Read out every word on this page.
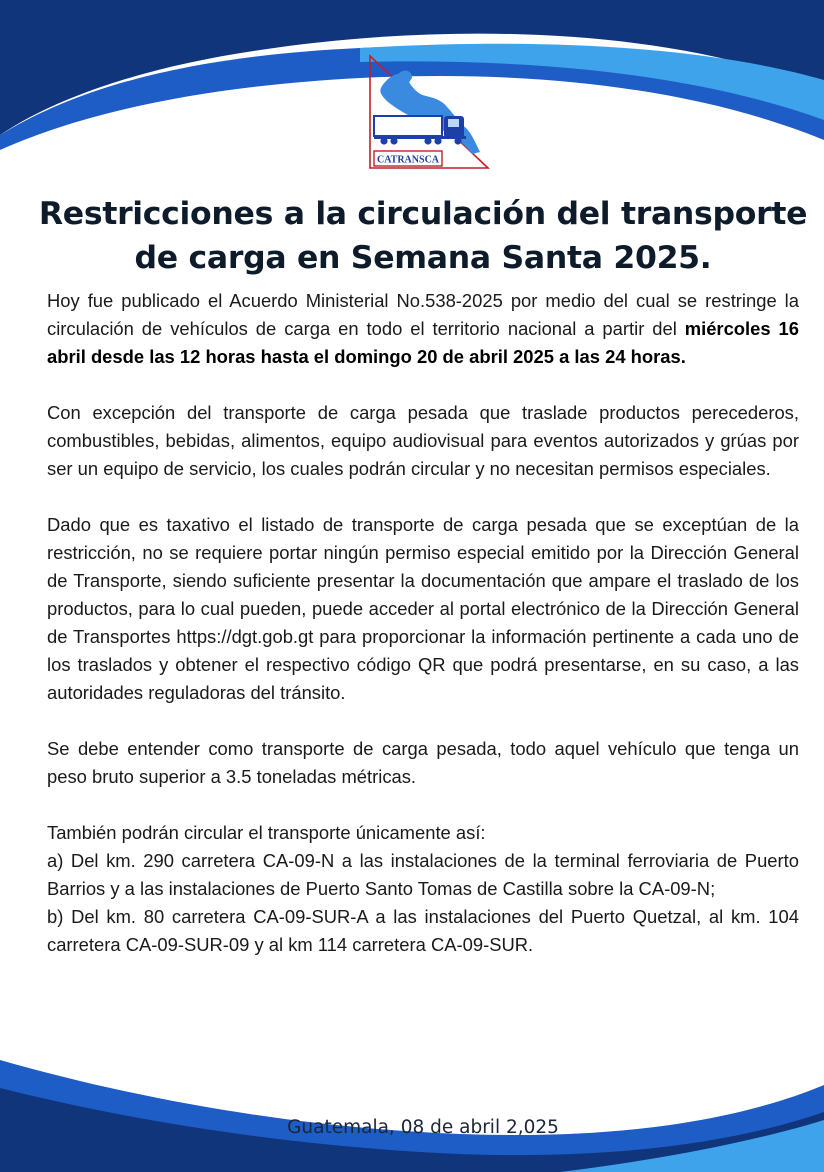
CATRANSCA
Restricciones a la circulación del transporte
de carga en Semana Santa 2025.

Hoy fue publicado el Acuerdo Ministerial No.538-2025 por medio del cual se restringe la circulación de vehículos de carga en todo el territorio nacional a partir del miércoles 16 abril desde las 12 horas hasta el domingo 20 de abril 2025 a las 24 horas.

Con excepción del transporte de carga pesada que traslade productos perecederos, combustibles, bebidas, alimentos, equipo audiovisual para eventos autorizados y grúas por ser un equipo de servicio, los cuales podrán circular y no necesitan permisos especiales.

Dado que es taxativo el listado de transporte de carga pesada que se exceptúan de la restricción, no se requiere portar ningún permiso especial emitido por la Dirección General de Transporte, siendo suficiente presentar la documentación que ampare el traslado de los productos, para lo cual pueden, puede acceder al portal electrónico de la Dirección General de Transportes https://dgt.gob.gt para proporcionar la información pertinente a cada uno de los traslados y obtener el respectivo código QR que podrá presentarse, en su caso, a las autoridades reguladoras del tránsito.

Se debe entender como transporte de carga pesada, todo aquel vehículo que tenga un peso bruto superior a 3.5 toneladas métricas.

También podrán circular el transporte únicamente así:

a) Del km. 290 carretera CA-09-N a las instalaciones de la terminal ferroviaria de Puerto Barrios y a las instalaciones de Puerto Santo Tomas de Castilla sobre la CA-09-N;

b) Del km. 80 carretera CA-09-SUR-A a las instalaciones del Puerto Quetzal, al km. 104 carretera CA-09-SUR-09 y al km 114 carretera CA-09-SUR.

Guatemala, 08 de abril 2,025
